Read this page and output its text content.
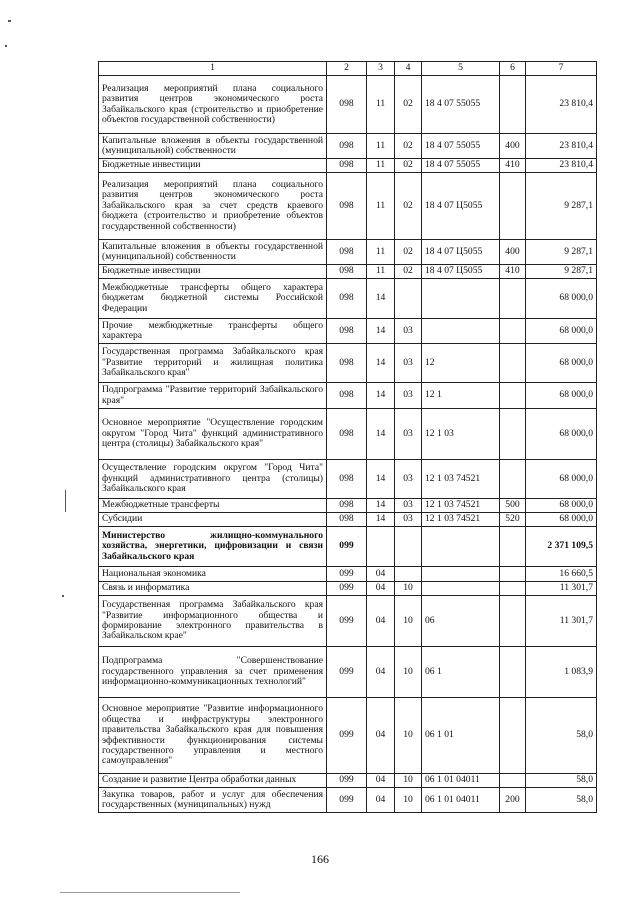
1	2	3	4	5	6	7
Реализация мероприятий плана социального развития центров экономического роста Забайкальского края (строительство и приобретение объектов государственной собственности)	098	11	02	18 4 07 55055		23 810,4
Капитальные вложения в объекты государственной (муниципальной) собственности	098	11	02	18 4 07 55055	400	23 810,4
Бюджетные инвестиции	098	11	02	18 4 07 55055	410	23 810,4
Реализация мероприятий плана социального развития центров экономического роста Забайкальского края за счет средств краевого бюджета (строительство и приобретение объектов государственной собственности)	098	11	02	18 4 07 Ц5055		9 287,1
Капитальные вложения в объекты государственной (муниципальной) собственности	098	11	02	18 4 07 Ц5055	400	9 287,1
Бюджетные инвестиции	098	11	02	18 4 07 Ц5055	410	9 287,1
Межбюджетные трансферты общего характера бюджетам бюджетной системы Российской Федерации	098	14				68 000,0
Прочие межбюджетные трансферты общего характера	098	14	03			68 000,0
Государственная программа Забайкальского края "Развитие территорий и жилищная политика Забайкальского края"	098	14	03	12		68 000,0
Подпрограмма "Развитие территорий Забайкальского края"	098	14	03	12 1		68 000,0
Основное мероприятие "Осуществление городским округом "Город Чита" функций административного центра (столицы) Забайкальского края"	098	14	03	12 1 03		68 000,0
Осуществление городским округом "Город Чита" функций административного центра (столицы) Забайкальского края	098	14	03	12 1 03 74521		68 000,0
Межбюджетные трансферты	098	14	03	12 1 03 74521	500	68 000,0
Субсидии	098	14	03	12 1 03 74521	520	68 000,0
Министерство жилищно-коммунального хозяйства, энергетики, цифровизации и связи Забайкальского края	099					2 371 109,5
Национальная экономика	099	04				16 660,5
Связь и информатика	099	04	10			11 301,7
Государственная программа Забайкальского края "Развитие информационного общества и формирование электронного правительства в Забайкальском крае"	099	04	10	06		11 301,7
Подпрограмма "Совершенствование государственного управления за счет применения информационно-коммуникационных технологий"	099	04	10	06 1		1 083,9
Основное мероприятие "Развитие информационного общества и инфраструктуры электронного правительства Забайкальского края для повышения эффективности функционирования системы государственного управления и местного самоуправления"	099	04	10	06 1 01		58,0
Создание и развитие Центра обработки данных	099	04	10	06 1 01 04011		58,0
Закупка товаров, работ и услуг для обеспечения государственных (муниципальных) нужд	099	04	10	06 1 01 04011	200	58,0
166
